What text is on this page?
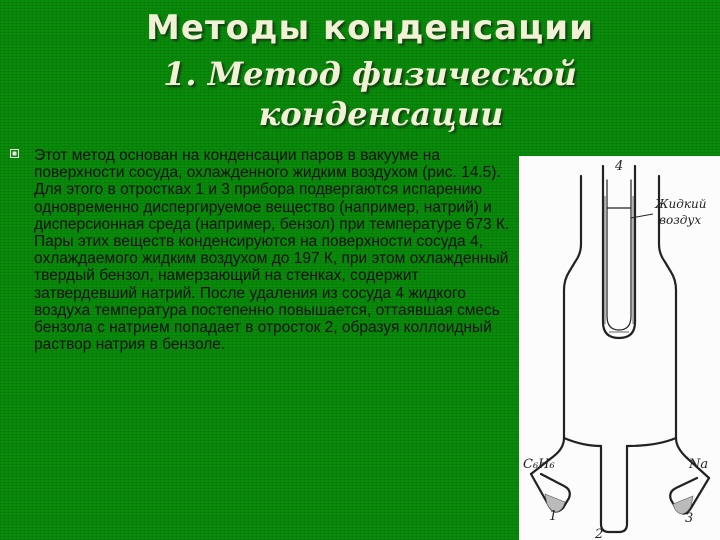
Методы конденсации
1. Метод физической
конденсации
Этот метод основан на конденсации паров в вакууме на поверхности сосуда, охлажденного жидким воздухом (рис. 14.5). Для этого в отростках 1 и 3 прибора подвергаются испарению одновременно диспергируемое вещество (например, натрий) и дисперсионная среда (например, бензол) при температуре 673 К. Пары этих веществ конденсируются на поверхности сосуда 4, охлаждаемого жидким воздухом до 197 К, при этом охлажденный твердый бензол, намерзающий на стенках, содержит затвердевший натрий. После удаления из сосуда 4 жидкого воздуха температура постепенно повышается, оттаявшая смесь бензола с натрием попадает в отросток 2, образуя коллоидный раствор натрия в бензоле.
4
Жидкий
воздух
C₆H₆	Na
1
2
3
